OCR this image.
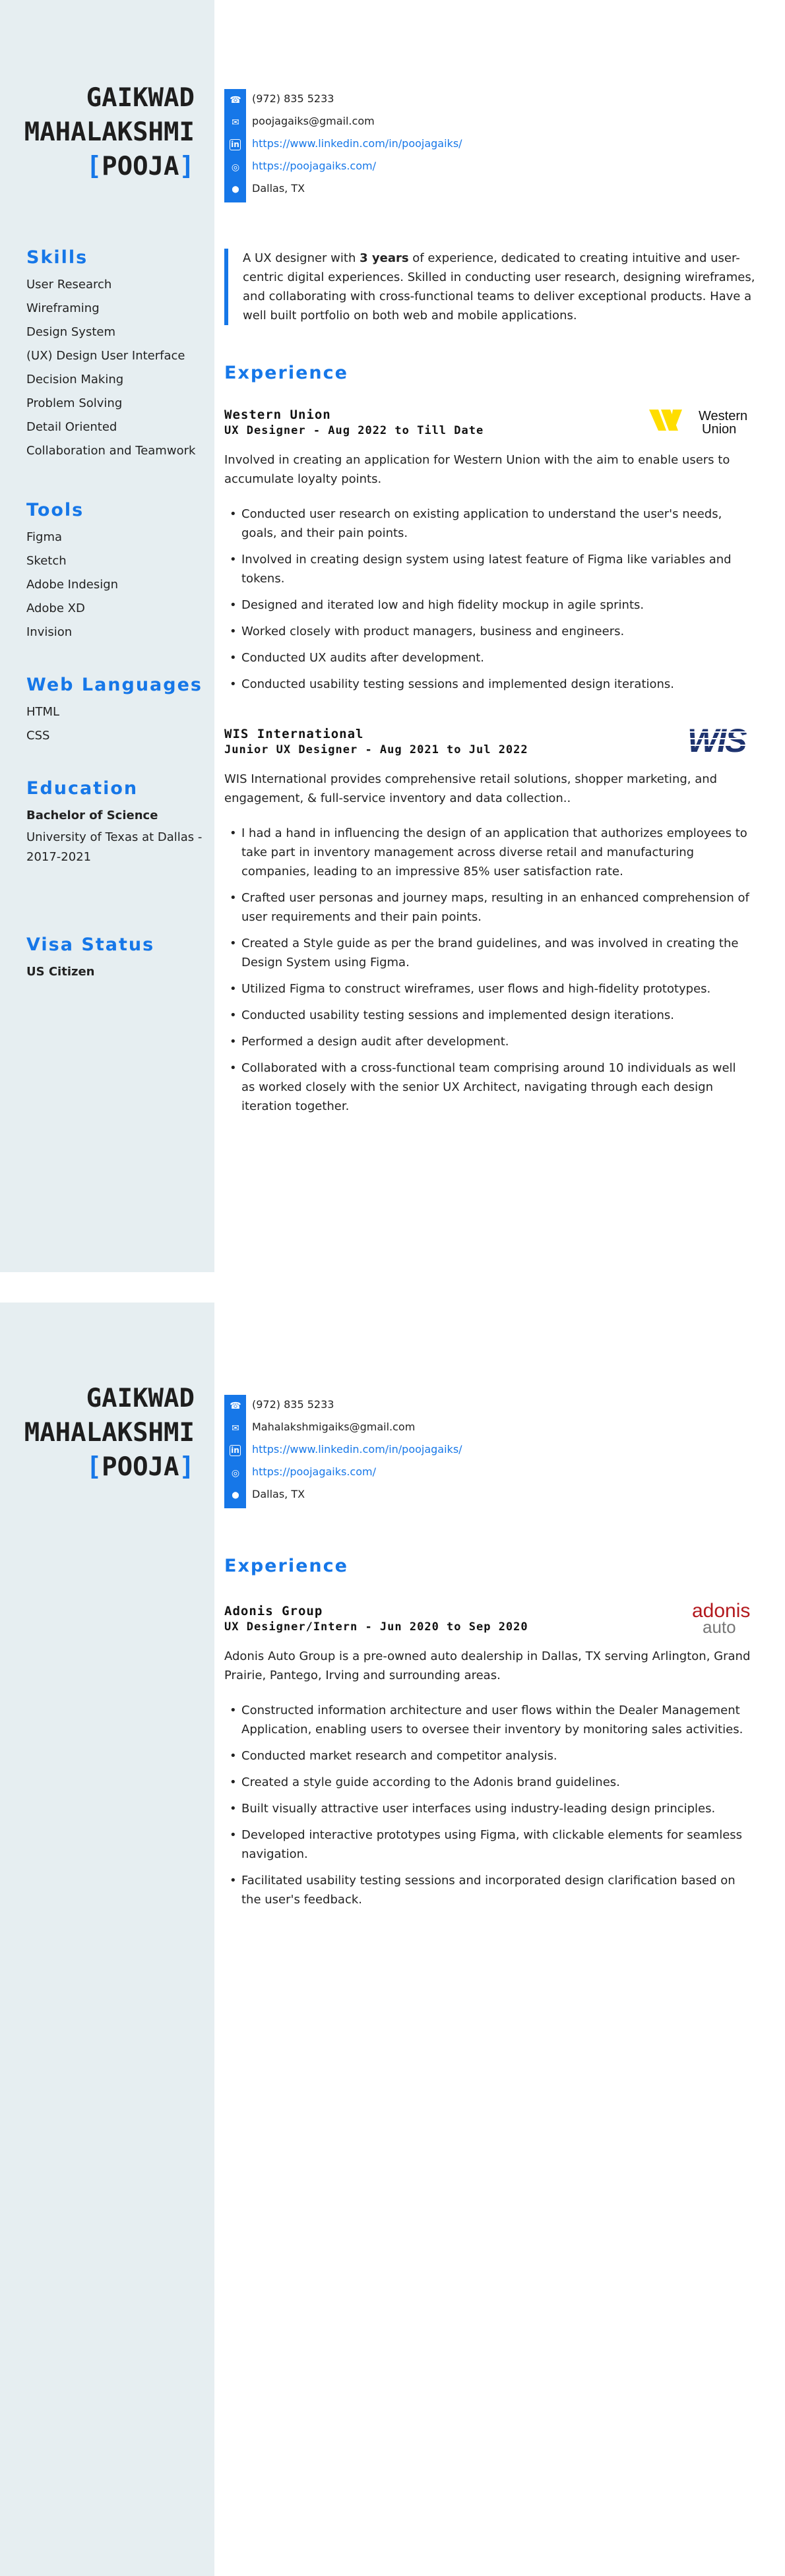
GAIKWAD
MAHALAKSHMI
[POOJA]
Skills
User Research
Wireframing
Design System
(UX) Design User Interface
Decision Making
Problem Solving
Detail Oriented
Collaboration and Teamwork
Tools
Figma
Sketch
Adobe Indesign
Adobe XD
Invision
Web Languages
HTML
CSS
Education
Bachelor of Science
University of Texas at Dallas - 2017-2021
Visa Status
US Citizen
☎ (972) 835 5233
✉ poojagaiks@gmail.com
in https://www.linkedin.com/in/poojagaiks/
◎ https://poojagaiks.com/
⬤ Dallas, TX
A UX designer with 3 years of experience, dedicated to creating intuitive and user-centric digital experiences. Skilled in conducting user research, designing wireframes, and collaborating with cross-functional teams to deliver exceptional products. Have a well built portfolio on both web and mobile applications.
Experience
Western Union
UX Designer - Aug 2022 to Till Date
Involved in creating an application for Western Union with the aim to enable users to accumulate loyalty points.
• Conducted user research on existing application to understand the user's needs, goals, and their pain points.
• Involved in creating design system using latest feature of Figma like variables and tokens.
• Designed and iterated low and high fidelity mockup in agile sprints.
• Worked closely with product managers, business and engineers.
• Conducted UX audits after development.
• Conducted usability testing sessions and implemented design iterations.
Western
Union
WIS International
Junior UX Designer - Aug 2021 to Jul 2022
WIS International provides comprehensive retail solutions, shopper marketing, and engagement, & full-service inventory and data collection..
• I had a hand in influencing the design of an application that authorizes employees to take part in inventory management across diverse retail and manufacturing companies, leading to an impressive 85% user satisfaction rate.
• Crafted user personas and journey maps, resulting in an enhanced comprehension of user requirements and their pain points.
• Created a Style guide as per the brand guidelines, and was involved in creating the Design System using Figma.
• Utilized Figma to construct wireframes, user flows and high-fidelity prototypes.
• Conducted usability testing sessions and implemented design iterations.
• Performed a design audit after development.
• Collaborated with a cross-functional team comprising around 10 individuals as well as worked closely with the senior UX Architect, navigating through each design iteration together.
WIS
GAIKWAD
MAHALAKSHMI
[POOJA]
☎ (972) 835 5233
✉ Mahalakshmigaiks@gmail.com
in https://www.linkedin.com/in/poojagaiks/
◎ https://poojagaiks.com/
⬤ Dallas, TX
Experience
Adonis Group
UX Designer/Intern - Jun 2020 to Sep 2020
Adonis Auto Group is a pre-owned auto dealership in Dallas, TX serving Arlington, Grand Prairie, Pantego, Irving and surrounding areas.
• Constructed information architecture and user flows within the Dealer Management Application, enabling users to oversee their inventory by monitoring sales activities.
• Conducted market research and competitor analysis.
• Created a style guide according to the Adonis brand guidelines.
• Built visually attractive user interfaces using industry-leading design principles.
• Developed interactive prototypes using Figma, with clickable elements for seamless navigation.
• Facilitated usability testing sessions and incorporated design clarification based on the user's feedback.
adonis
auto
